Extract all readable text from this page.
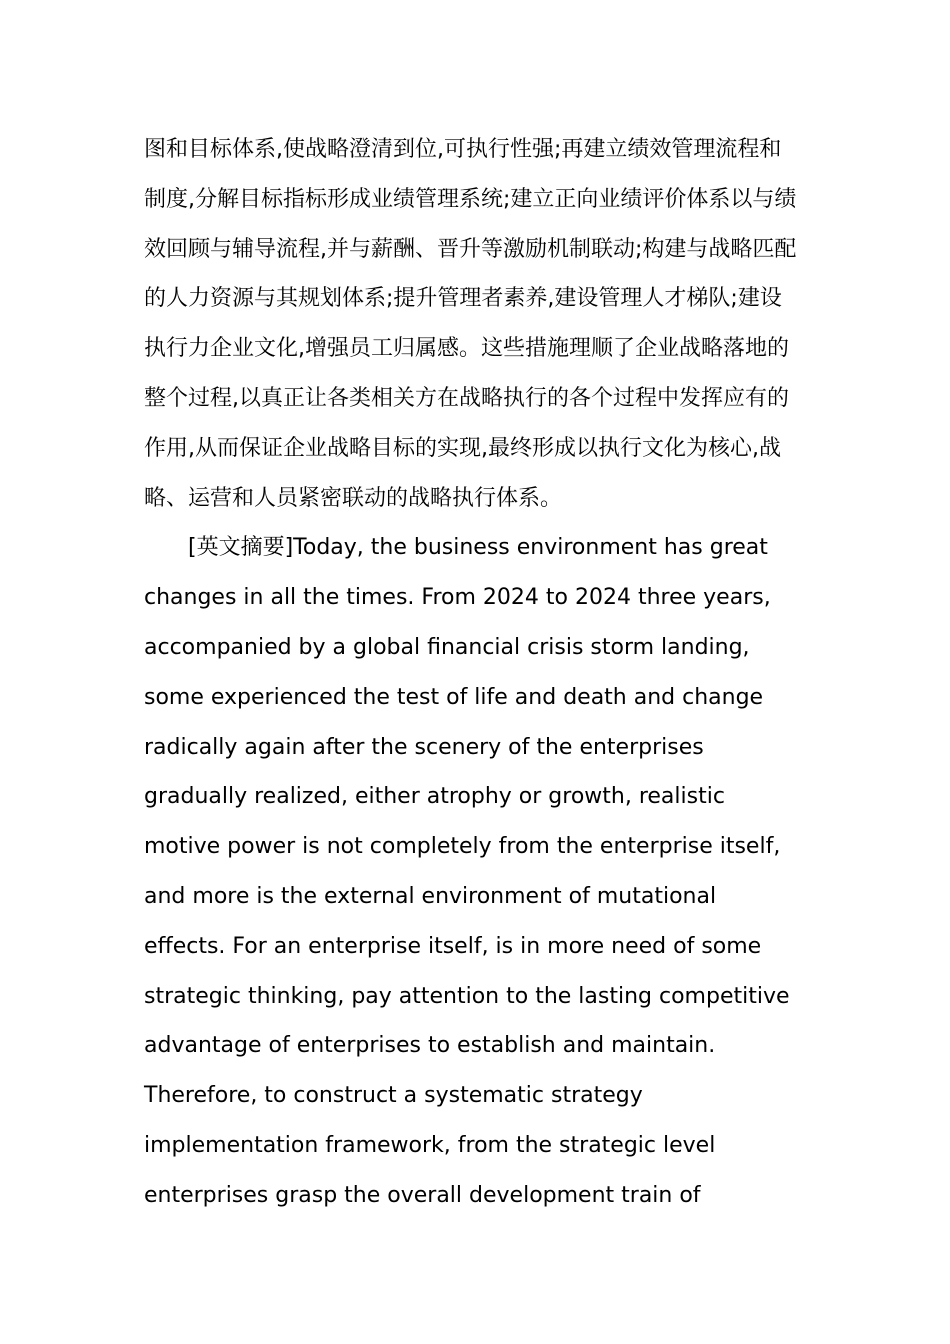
图和目标体系,使战略澄清到位,可执行性强;再建立绩效管理流程和
制度,分解目标指标形成业绩管理系统;建立正向业绩评价体系以与绩
效回顾与辅导流程,并与薪酬、晋升等激励机制联动;构建与战略匹配
的人力资源与其规划体系;提升管理者素养,建设管理人才梯队;建设
执行力企业文化,增强员工归属感。这些措施理顺了企业战略落地的
整个过程,以真正让各类相关方在战略执行的各个过程中发挥应有的
作用,从而保证企业战略目标的实现,最终形成以执行文化为核心,战
略、运营和人员紧密联动的战略执行体系。
[英文摘要]Today, the business environment has great
changes in all the times. From 2024 to 2024 three years,
accompanied by a global financial crisis storm landing,
some experienced the test of life and death and change
radically again after the scenery of the enterprises
gradually realized, either atrophy or growth, realistic
motive power is not completely from the enterprise itself,
and more is the external environment of mutational
effects. For an enterprise itself, is in more need of some
strategic thinking, pay attention to the lasting competitive
advantage of enterprises to establish and maintain.
Therefore, to construct a systematic strategy
implementation framework, from the strategic level
enterprises grasp the overall development train of
